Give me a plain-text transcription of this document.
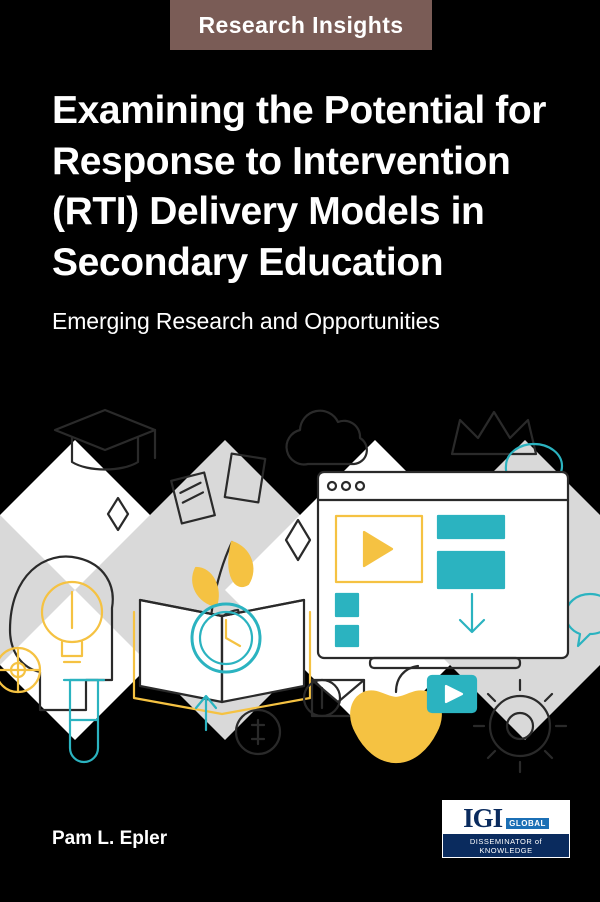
Research Insights
Examining the Potential for Response to Intervention (RTI) Delivery Models in Secondary Education

Emerging Research and Opportunities

Pam L. Epler
IGI GLOBAL
DISSEMINATOR of KNOWLEDGE
